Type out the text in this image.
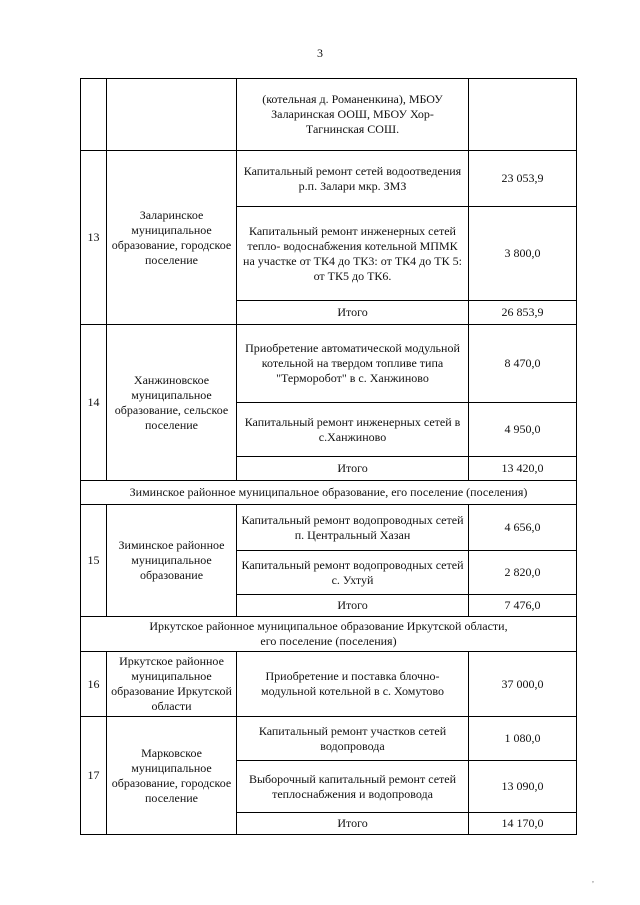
3

		(котельная д. Романенкина), МБОУ
Заларинская ООШ, МБОУ Хор-
Тагнинская СОШ.	

13	Заларинское муниципальное образование, городское поселение	Капитальный ремонт сетей водоотведения р.п. Залари мкр. ЗМЗ	23 053,9
		Капитальный ремонт инженерных сетей тепло- водоснабжения котельной МПМК на участке от ТК4 до ТК3: от ТК4 до ТК 5: от ТК5 до ТК6.	3 800,0
		Итого	26 853,9
14	Ханжиновское муниципальное образование, сельское поселение	Приобретение автоматической модульной котельной на твердом топливе типа "Терморобот" в с. Ханжиново	8 470,0
		Капитальный ремонт инженерных сетей в с.Ханжиново	4 950,0
		Итого	13 420,0
Зиминское районное муниципальное образование, его поселение (поселения)			
15	Зиминское районное муниципальное образование	Капитальный ремонт водопроводных сетей п. Центральный Хазан	4 656,0
		Капитальный ремонт водопроводных сетей с. Ухтуй	2 820,0
		Итого	7 476,0

Иркутское районное муниципальное образование Иркутской области,
его поселение (поселения)			

16	Иркутское районное муниципальное образование Иркутской области	Приобретение и поставка блочно-модульной котельной в с. Хомутово	37 000,0
17	Марковское муниципальное образование, городское поселение	Капитальный ремонт участков сетей водопровода	1 080,0
		Выборочный капитальный ремонт сетей теплоснабжения и водопровода	13 090,0
		Итого	14 170,0
,
